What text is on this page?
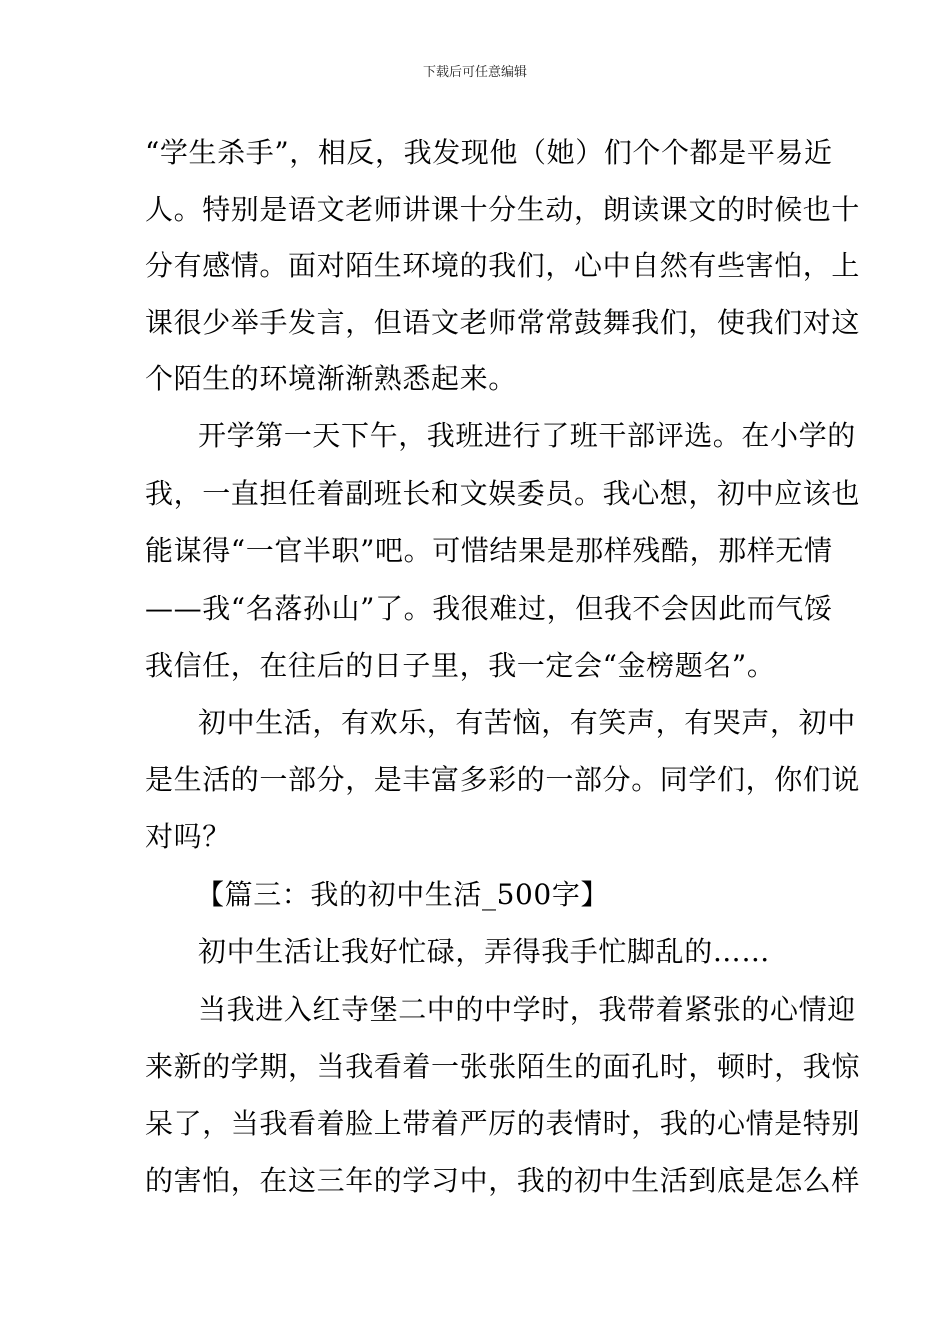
下载后可任意编辑
“学生杀手”，相反，我发现他（她）们个个都是平易近
人。特别是语文老师讲课十分生动，朗读课文的时候也十
分有感情。面对陌生环境的我们，心中自然有些害怕，上
课很少举手发言，但语文老师常常鼓舞我们，使我们对这
个陌生的环境渐渐熟悉起来。
开学第一天下午，我班进行了班干部评选。在小学的
我，一直担任着副班长和文娱委员。我心想，初中应该也
能谋得“一官半职”吧。可惜结果是那样残酷，那样无情
——我“名落孙山”了。我很难过，但我不会因此而气馁
我信任，在往后的日子里，我一定会“金榜题名”。
初中生活，有欢乐，有苦恼，有笑声，有哭声，初中
是生活的一部分，是丰富多彩的一部分。同学们，你们说
对吗？
【篇三：我的初中生活_500字】
初中生活让我好忙碌，弄得我手忙脚乱的……
当我进入红寺堡二中的中学时，我带着紧张的心情迎
来新的学期，当我看着一张张陌生的面孔时，顿时，我惊
呆了，当我看着脸上带着严厉的表情时，我的心情是特别
的害怕，在这三年的学习中，我的初中生活到底是怎么样
